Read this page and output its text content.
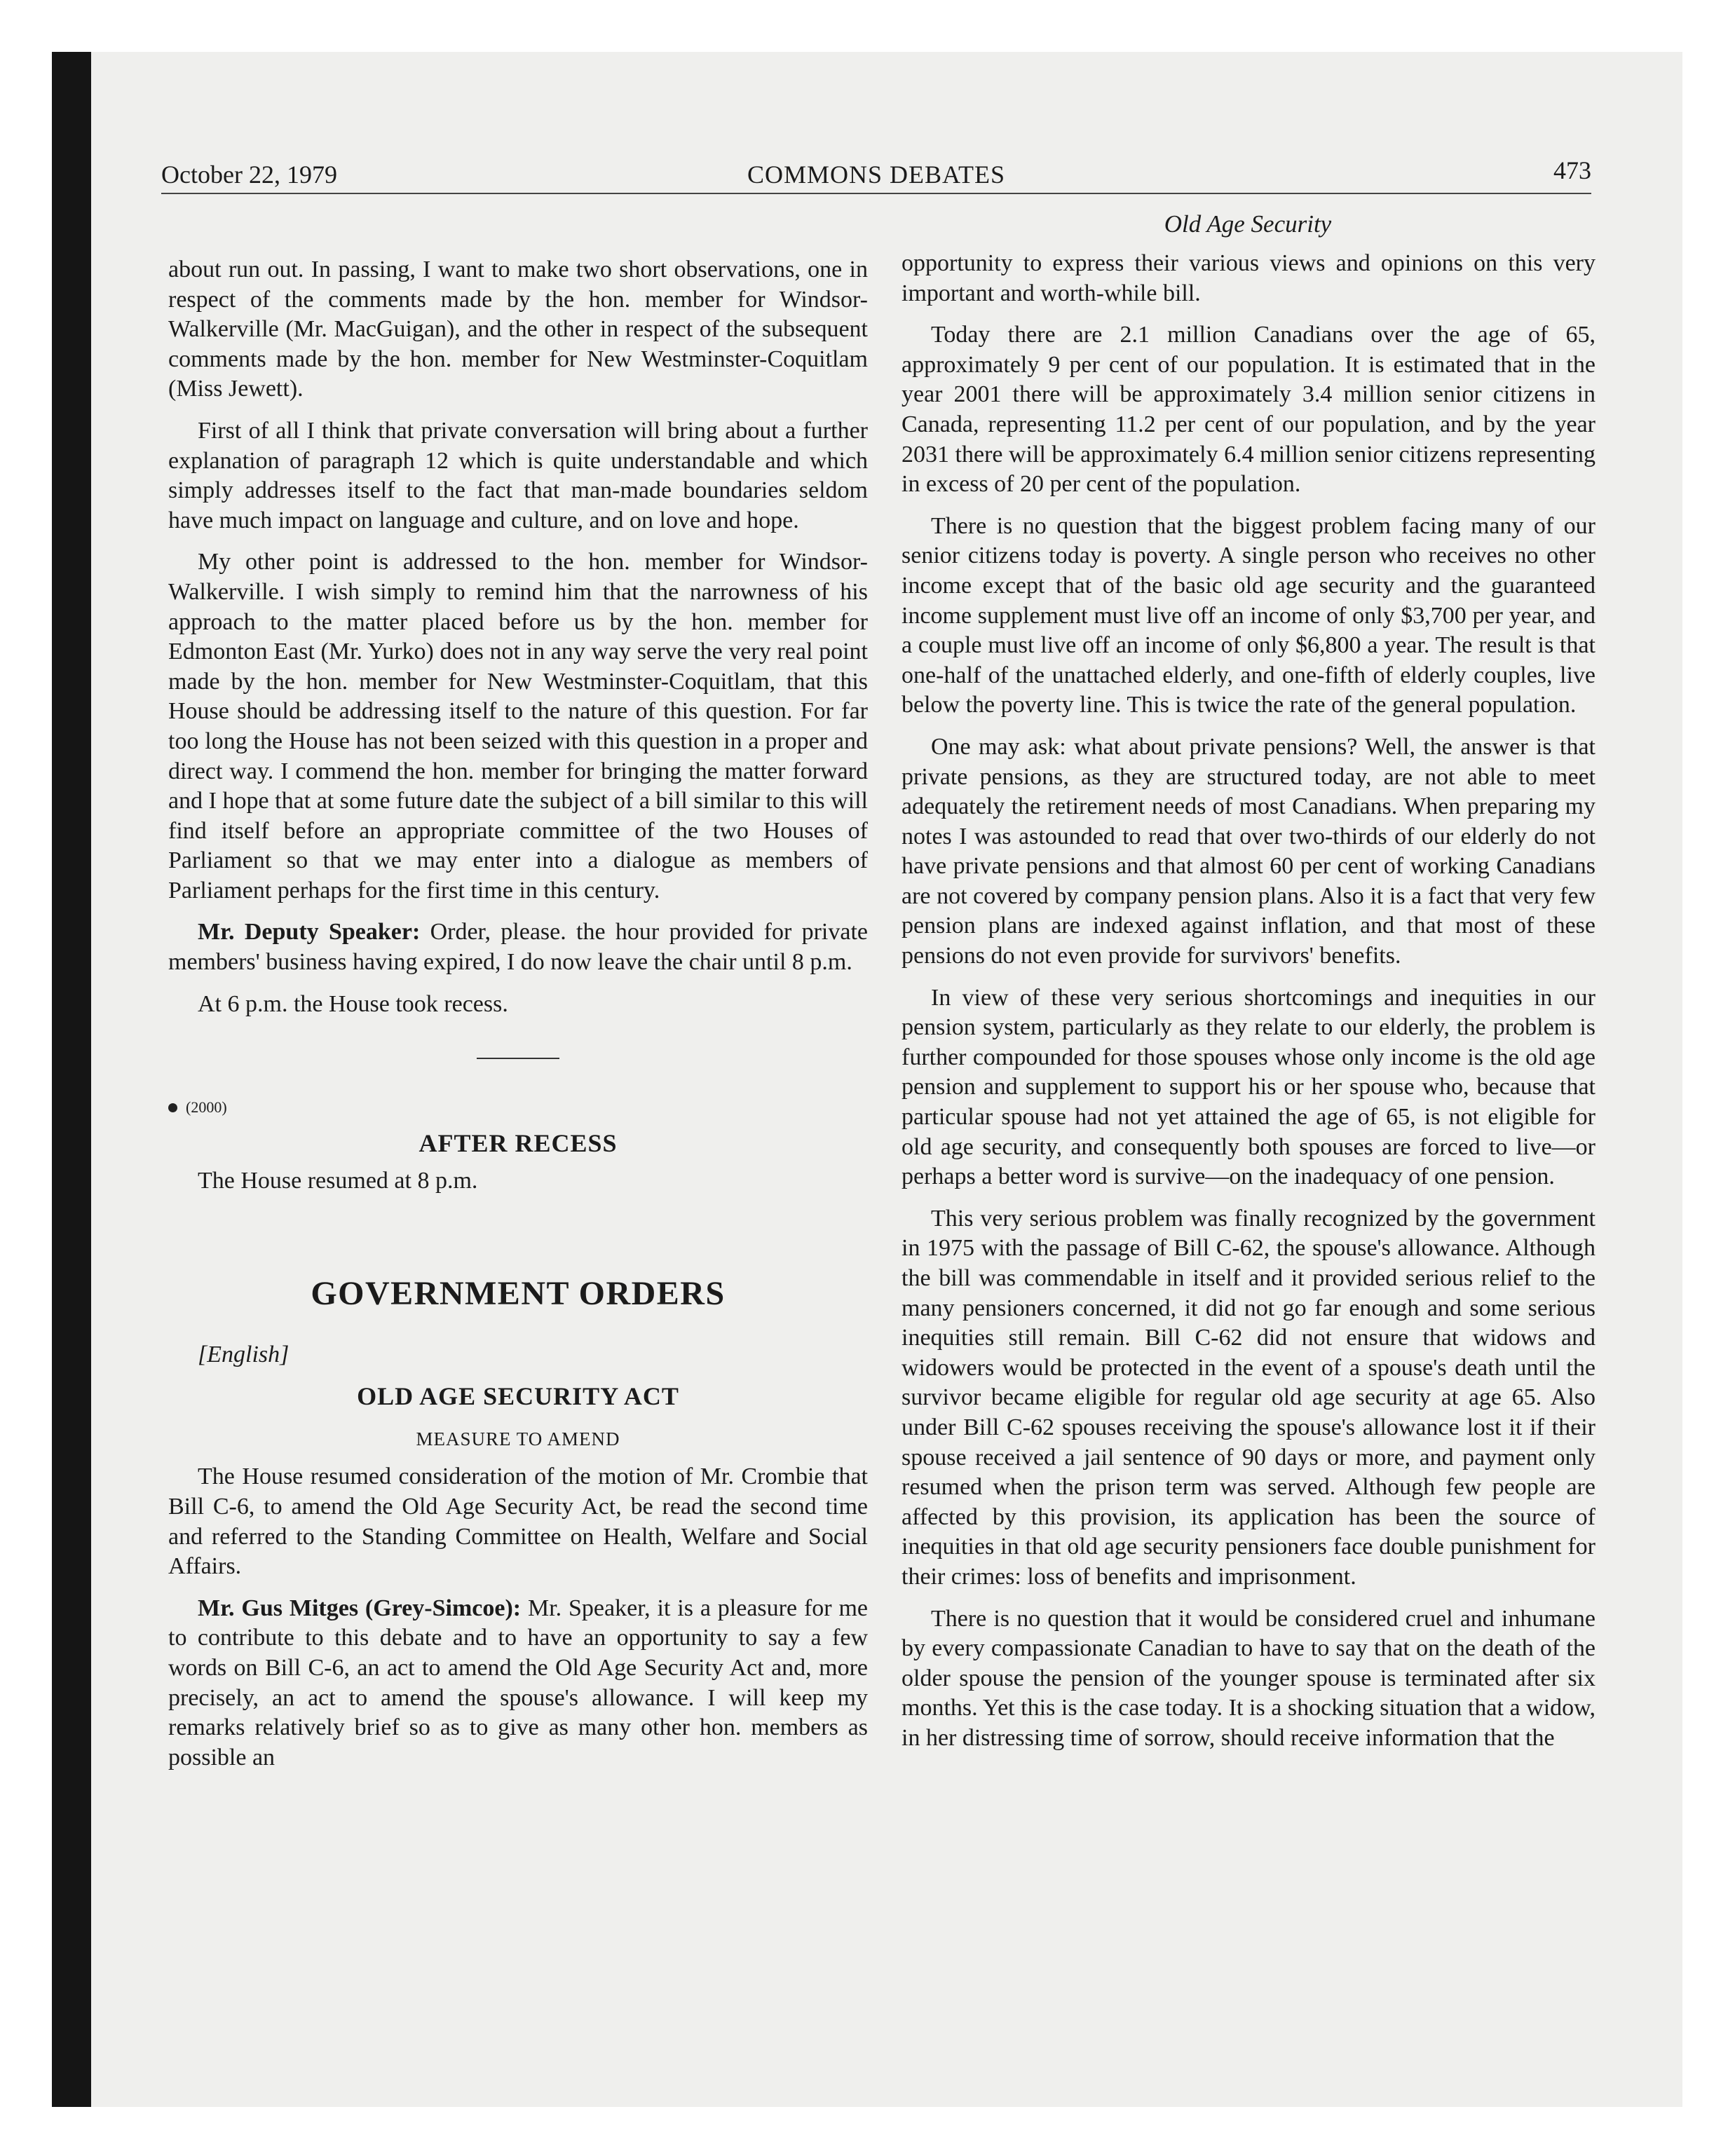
October 22, 1979	COMMONS DEBATES	473
Old Age Security

about run out. In passing, I want to make two short observations, one in respect of the comments made by the hon. member for Windsor-Walkerville (Mr. MacGuigan), and the other in respect of the subsequent comments made by the hon. member for New Westminster-Coquitlam (Miss Jewett).

First of all I think that private conversation will bring about a further explanation of paragraph 12 which is quite understandable and which simply addresses itself to the fact that man-made boundaries seldom have much impact on language and culture, and on love and hope.

My other point is addressed to the hon. member for Windsor-Walkerville. I wish simply to remind him that the narrowness of his approach to the matter placed before us by the hon. member for Edmonton East (Mr. Yurko) does not in any way serve the very real point made by the hon. member for New Westminster-Coquitlam, that this House should be addressing itself to the nature of this question. For far too long the House has not been seized with this question in a proper and direct way. I commend the hon. member for bringing the matter forward and I hope that at some future date the subject of a bill similar to this will find itself before an appropriate committee of the two Houses of Parliament so that we may enter into a dialogue as members of Parliament perhaps for the first time in this century.

Mr. Deputy Speaker: Order, please. the hour provided for private members' business having expired, I do now leave the chair until 8 p.m.

At 6 p.m. the House took recess.

(2000)
AFTER RECESS

The House resumed at 8 p.m.

GOVERNMENT ORDERS

[English]

OLD AGE SECURITY ACT
MEASURE TO AMEND

The House resumed consideration of the motion of Mr. Crombie that Bill C-6, to amend the Old Age Security Act, be read the second time and referred to the Standing Committee on Health, Welfare and Social Affairs.

Mr. Gus Mitges (Grey-Simcoe): Mr. Speaker, it is a pleasure for me to contribute to this debate and to have an opportunity to say a few words on Bill C-6, an act to amend the Old Age Security Act and, more precisely, an act to amend the spouse's allowance. I will keep my remarks relatively brief so as to give as many other hon. members as possible an

opportunity to express their various views and opinions on this very important and worth-while bill.

Today there are 2.1 million Canadians over the age of 65, approximately 9 per cent of our population. It is estimated that in the year 2001 there will be approximately 3.4 million senior citizens in Canada, representing 11.2 per cent of our population, and by the year 2031 there will be approximately 6.4 million senior citizens representing in excess of 20 per cent of the population.

There is no question that the biggest problem facing many of our senior citizens today is poverty. A single person who receives no other income except that of the basic old age security and the guaranteed income supplement must live off an income of only $3,700 per year, and a couple must live off an income of only $6,800 a year. The result is that one-half of the unattached elderly, and one-fifth of elderly couples, live below the poverty line. This is twice the rate of the general population.

One may ask: what about private pensions? Well, the answer is that private pensions, as they are structured today, are not able to meet adequately the retirement needs of most Canadians. When preparing my notes I was astounded to read that over two-thirds of our elderly do not have private pensions and that almost 60 per cent of working Canadians are not covered by company pension plans. Also it is a fact that very few pension plans are indexed against inflation, and that most of these pensions do not even provide for survivors' benefits.

In view of these very serious shortcomings and inequities in our pension system, particularly as they relate to our elderly, the problem is further compounded for those spouses whose only income is the old age pension and supplement to support his or her spouse who, because that particular spouse had not yet attained the age of 65, is not eligible for old age security, and consequently both spouses are forced to live—or perhaps a better word is survive—on the inadequacy of one pension.

This very serious problem was finally recognized by the government in 1975 with the passage of Bill C-62, the spouse's allowance. Although the bill was commendable in itself and it provided serious relief to the many pensioners concerned, it did not go far enough and some serious inequities still remain. Bill C-62 did not ensure that widows and widowers would be protected in the event of a spouse's death until the survivor became eligible for regular old age security at age 65. Also under Bill C-62 spouses receiving the spouse's allowance lost it if their spouse received a jail sentence of 90 days or more, and payment only resumed when the prison term was served. Although few people are affected by this provision, its application has been the source of inequities in that old age security pensioners face double punishment for their crimes: loss of benefits and imprisonment.

There is no question that it would be considered cruel and inhumane by every compassionate Canadian to have to say that on the death of the older spouse the pension of the younger spouse is terminated after six months. Yet this is the case today. It is a shocking situation that a widow, in her distressing time of sorrow, should receive information that the
